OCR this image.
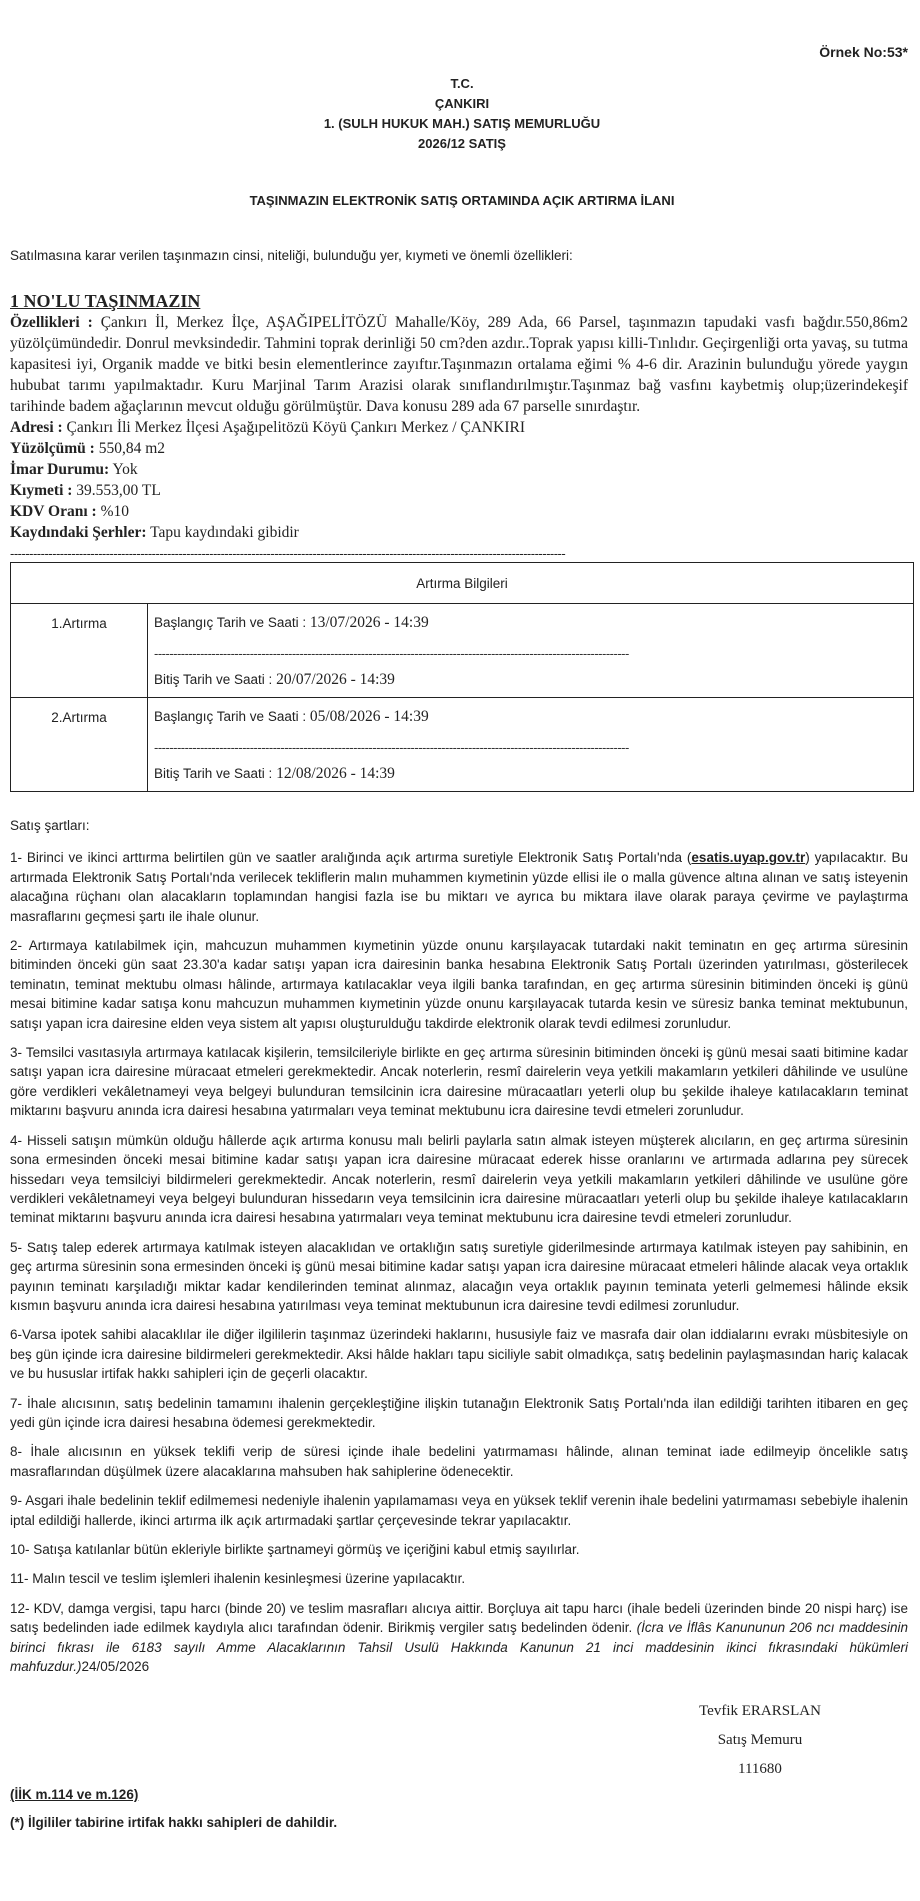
Örnek No:53*
T.C.
ÇANKIRI
1. (SULH HUKUK MAH.) SATIŞ MEMURLUĞU
2026/12 SATIŞ
TAŞINMAZIN ELEKTRONİK SATIŞ ORTAMINDA AÇIK ARTIRMA İLANI
Satılmasına karar verilen taşınmazın cinsi, niteliği, bulunduğu yer, kıymeti ve önemli özellikleri:
1 NO'LU TAŞINMAZIN
Özellikleri : Çankırı İl, Merkez İlçe, AŞAĞIPELİTÖZÜ Mahalle/Köy, 289 Ada, 66 Parsel, taşınmazın tapudaki vasfı bağdır.550,86m2 yüzölçümündedir. Donrul mevksindedir. Tahmini toprak derinliği 50 cm?den azdır..Toprak yapısı killi-Tınlıdır. Geçirgenliği orta yavaş, su tutma kapasitesi iyi, Organik madde ve bitki besin elementlerince zayıftır.Taşınmazın ortalama eğimi % 4-6 dir. Arazinin bulunduğu yörede yaygın hububat tarımı yapılmaktadır. Kuru Marjinal Tarım Arazisi olarak sınıflandırılmıştır.Taşınmaz bağ vasfını kaybetmiş olup;üzerindekeşif tarihinde badem ağaçlarının mevcut olduğu görülmüştür. Dava konusu 289 ada 67 parselle sınırdaştır.
Adresi : Çankırı İli Merkez İlçesi Aşağıpelitözü Köyü Çankırı Merkez / ÇANKIRI
Yüzölçümü : 550,84 m2
İmar Durumu: Yok
Kıymeti : 39.553,00 TL
KDV Oranı : %10
Kaydındaki Şerhler: Tapu kaydındaki gibidir
-------------------------------------------------------------------------------------------------------------------------------------------------
Artırma Bilgileri	
1.Artırma	Başlangıç Tarih ve Saati : 13/07/2026 - 14:39
----------------------------------------------------------------------------------------------------------------------------
Bitiş Tarih ve Saati : 20/07/2026 - 14:39

2.Artırma	Başlangıç Tarih ve Saati : 05/08/2026 - 14:39
----------------------------------------------------------------------------------------------------------------------------
Bitiş Tarih ve Saati : 12/08/2026 - 14:39

Satış şartları:

1- Birinci ve ikinci arttırma belirtilen gün ve saatler aralığında açık artırma suretiyle Elektronik Satış Portalı'nda (esatis.uyap.gov.tr) yapılacaktır. Bu artırmada Elektronik Satış Portalı'nda verilecek tekliflerin malın muhammen kıymetinin yüzde ellisi ile o malla güvence altına alınan ve satış isteyenin alacağına rüçhanı olan alacakların toplamından hangisi fazla ise bu miktarı ve ayrıca bu miktara ilave olarak paraya çevirme ve paylaştırma masraflarını geçmesi şartı ile ihale olunur.

2- Artırmaya katılabilmek için, mahcuzun muhammen kıymetinin yüzde onunu karşılayacak tutardaki nakit teminatın en geç artırma süresinin bitiminden önceki gün saat 23.30'a kadar satışı yapan icra dairesinin banka hesabına Elektronik Satış Portalı üzerinden yatırılması, gösterilecek teminatın, teminat mektubu olması hâlinde, artırmaya katılacaklar veya ilgili banka tarafından, en geç artırma süresinin bitiminden önceki iş günü mesai bitimine kadar satışa konu mahcuzun muhammen kıymetinin yüzde onunu karşılayacak tutarda kesin ve süresiz banka teminat mektubunun, satışı yapan icra dairesine elden veya sistem alt yapısı oluşturulduğu takdirde elektronik olarak tevdi edilmesi zorunludur.

3- Temsilci vasıtasıyla artırmaya katılacak kişilerin, temsilcileriyle birlikte en geç artırma süresinin bitiminden önceki iş günü mesai saati bitimine kadar satışı yapan icra dairesine müracaat etmeleri gerekmektedir. Ancak noterlerin, resmî dairelerin veya yetkili makamların yetkileri dâhilinde ve usulüne göre verdikleri vekâletnameyi veya belgeyi bulunduran temsilcinin icra dairesine müracaatları yeterli olup bu şekilde ihaleye katılacakların teminat miktarını başvuru anında icra dairesi hesabına yatırmaları veya teminat mektubunu icra dairesine tevdi etmeleri zorunludur.

4- Hisseli satışın mümkün olduğu hâllerde açık artırma konusu malı belirli paylarla satın almak isteyen müşterek alıcıların, en geç artırma süresinin sona ermesinden önceki mesai bitimine kadar satışı yapan icra dairesine müracaat ederek hisse oranlarını ve artırmada adlarına pey sürecek hissedarı veya temsilciyi bildirmeleri gerekmektedir. Ancak noterlerin, resmî dairelerin veya yetkili makamların yetkileri dâhilinde ve usulüne göre verdikleri vekâletnameyi veya belgeyi bulunduran hissedarın veya temsilcinin icra dairesine müracaatları yeterli olup bu şekilde ihaleye katılacakların teminat miktarını başvuru anında icra dairesi hesabına yatırmaları veya teminat mektubunu icra dairesine tevdi etmeleri zorunludur.

5- Satış talep ederek artırmaya katılmak isteyen alacaklıdan ve ortaklığın satış suretiyle giderilmesinde artırmaya katılmak isteyen pay sahibinin, en geç artırma süresinin sona ermesinden önceki iş günü mesai bitimine kadar satışı yapan icra dairesine müracaat etmeleri hâlinde alacak veya ortaklık payının teminatı karşıladığı miktar kadar kendilerinden teminat alınmaz, alacağın veya ortaklık payının teminata yeterli gelmemesi hâlinde eksik kısmın başvuru anında icra dairesi hesabına yatırılması veya teminat mektubunun icra dairesine tevdi edilmesi zorunludur.

6-Varsa ipotek sahibi alacaklılar ile diğer ilgililerin taşınmaz üzerindeki haklarını, hususiyle faiz ve masrafa dair olan iddialarını evrakı müsbitesiyle on beş gün içinde icra dairesine bildirmeleri gerekmektedir. Aksi hâlde hakları tapu siciliyle sabit olmadıkça, satış bedelinin paylaşmasından hariç kalacak ve bu hususlar irtifak hakkı sahipleri için de geçerli olacaktır.

7- İhale alıcısının, satış bedelinin tamamını ihalenin gerçekleştiğine ilişkin tutanağın Elektronik Satış Portalı'nda ilan edildiği tarihten itibaren en geç yedi gün içinde icra dairesi hesabına ödemesi gerekmektedir.

8- İhale alıcısının en yüksek teklifi verip de süresi içinde ihale bedelini yatırmaması hâlinde, alınan teminat iade edilmeyip öncelikle satış masraflarından düşülmek üzere alacaklarına mahsuben hak sahiplerine ödenecektir.

9- Asgari ihale bedelinin teklif edilmemesi nedeniyle ihalenin yapılamaması veya en yüksek teklif verenin ihale bedelini yatırmaması sebebiyle ihalenin iptal edildiği hallerde, ikinci artırma ilk açık artırmadaki şartlar çerçevesinde tekrar yapılacaktır.

10- Satışa katılanlar bütün ekleriyle birlikte şartnameyi görmüş ve içeriğini kabul etmiş sayılırlar.

11- Malın tescil ve teslim işlemleri ihalenin kesinleşmesi üzerine yapılacaktır.

12- KDV, damga vergisi, tapu harcı (binde 20) ve teslim masrafları alıcıya aittir. Borçluya ait tapu harcı (ihale bedeli üzerinden binde 20 nispi harç) ise satış bedelinden iade edilmek kaydıyla alıcı tarafından ödenir. Birikmiş vergiler satış bedelinden ödenir. (İcra ve İflâs Kanununun 206 ncı maddesinin birinci fıkrası ile 6183 sayılı Amme Alacaklarının Tahsil Usulü Hakkında Kanunun 21 inci maddesinin ikinci fıkrasındaki hükümleri mahfuzdur.)24/05/2026

Tevfik ERARSLAN
Satış Memuru
111680
(İİK m.114 ve m.126)
(*) İlgililer tabirine irtifak hakkı sahipleri de dahildir.
